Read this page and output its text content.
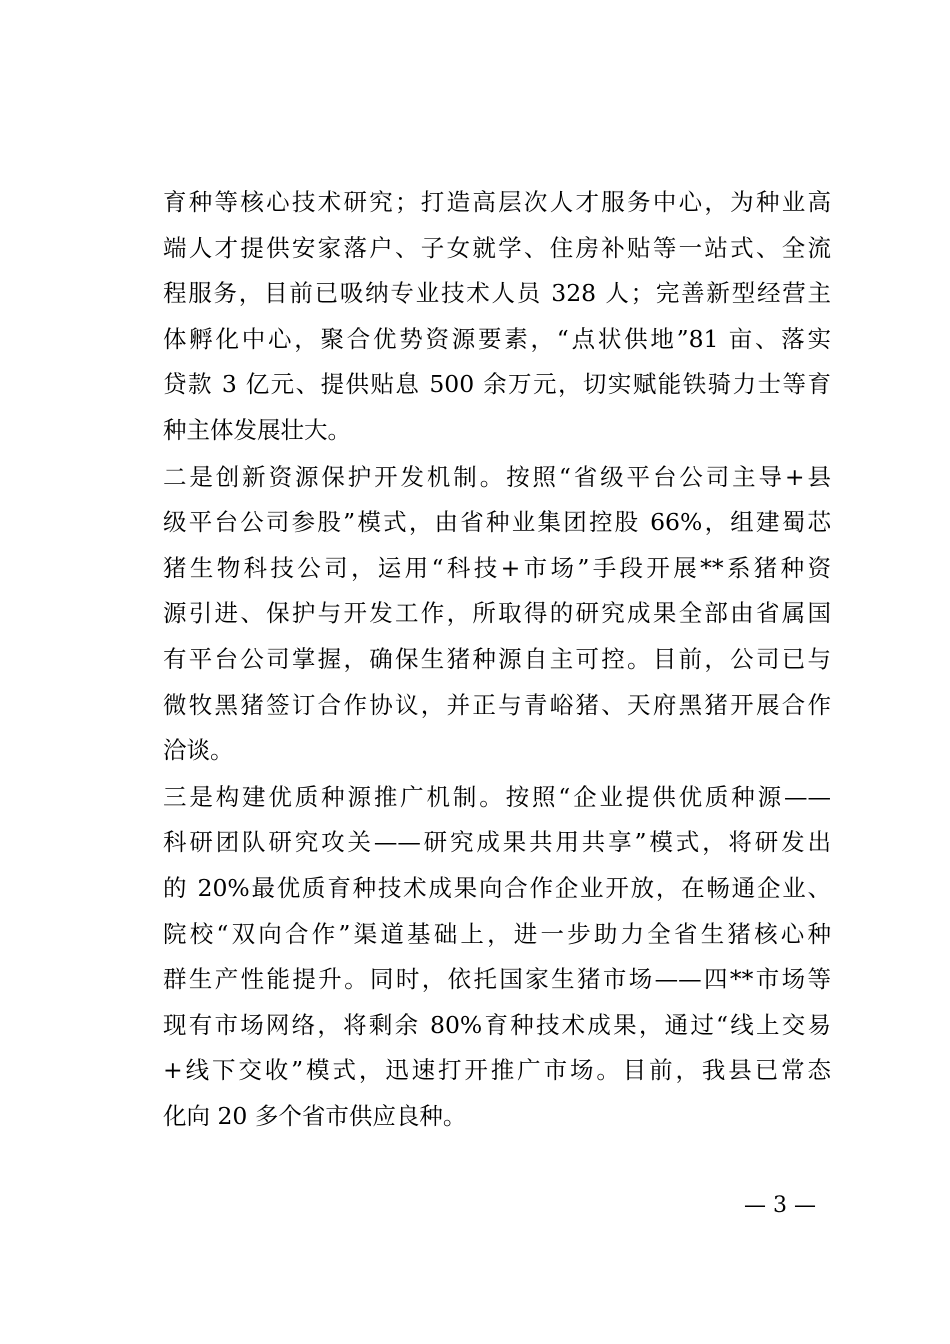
育种等核心技术研究；打造高层次人才服务中心，为种业高
端人才提供安家落户、子女就学、住房补贴等一站式、全流
程服务，目前已吸纳专业技术人员 328 人；完善新型经营主
体孵化中心，聚合优势资源要素，“点状供地”81 亩、落实
贷款 3 亿元、提供贴息 500 余万元，切实赋能铁骑力士等育
种主体发展壮大。
二是创新资源保护开发机制。按照“省级平台公司主导+县
级平台公司参股”模式，由省种业集团控股 66%，组建蜀芯
猪生物科技公司，运用“科技+市场”手段开展**系猪种资
源引进、保护与开发工作，所取得的研究成果全部由省属国
有平台公司掌握，确保生猪种源自主可控。目前，公司已与
微牧黑猪签订合作协议，并正与青峪猪、天府黑猪开展合作
洽谈。
三是构建优质种源推广机制。按照“企业提供优质种源——
科研团队研究攻关——研究成果共用共享”模式，将研发出
的 20%最优质育种技术成果向合作企业开放，在畅通企业、
院校“双向合作”渠道基础上，进一步助力全省生猪核心种
群生产性能提升。同时，依托国家生猪市场——四**市场等
现有市场网络，将剩余 80%育种技术成果，通过“线上交易
+线下交收”模式，迅速打开推广市场。目前，我县已常态
化向 20 多个省市供应良种。
— 3 —
